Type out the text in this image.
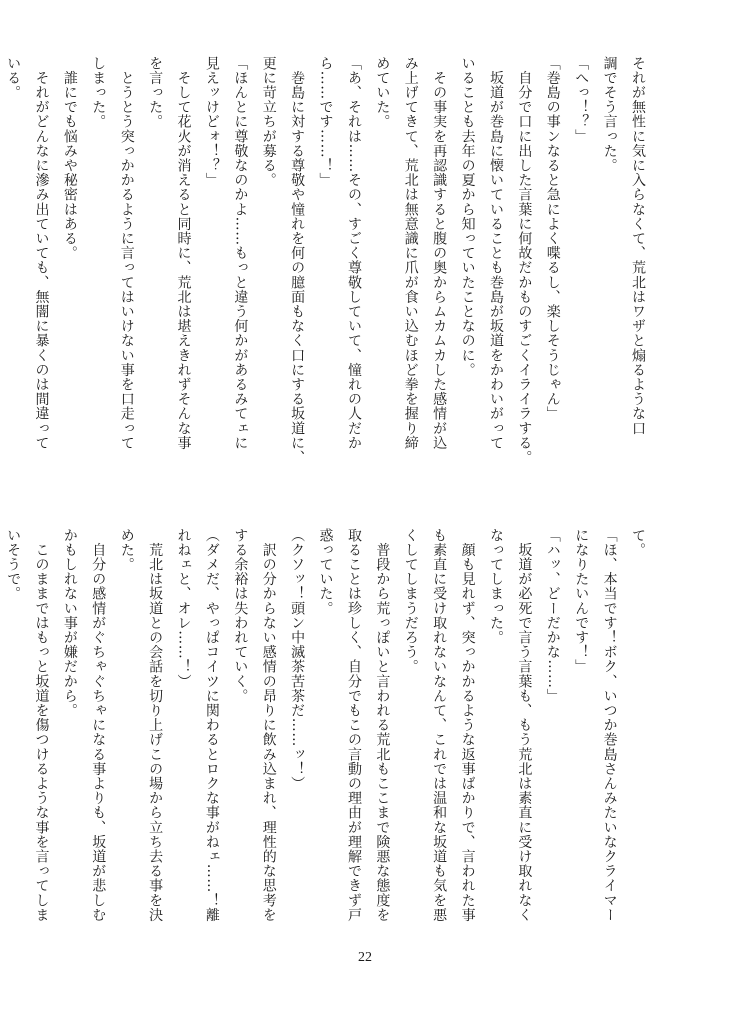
それが無性に気に入らなくて、荒北はワザと煽るような口

調でそう言った。

「へっ！？」

「巻島の事ンなると急によく喋るし、楽しそうじゃん」

　自分で口に出した言葉に何故だかものすごくイライラする。

　坂道が巻島に懐いていることも巻島が坂道をかわいがって

いることも去年の夏から知っていたことなのに。

　その事実を再認識すると腹の奥からムカムカした感情が込

み上げてきて、荒北は無意識に爪が食い込むほど拳を握り締

めていた。

「あ、それは……その、すごく尊敬していて、憧れの人だか

ら……です……！」

　巻島に対する尊敬や憧れを何の臆面もなく口にする坂道に、

更に苛立ちが募る。

「ほんとに尊敬なのかよ……もっと違う何かがあるみてェに

見えッけどォ！？」

　そして花火が消えると同時に、荒北は堪えきれずそんな事

を言った。

　とうとう突っかかるように言ってはいけない事を口走って

しまった。

　誰にでも悩みや秘密はある。

　それがどんなに滲み出ていても、無闇に暴くのは間違って

いる。

て。

「ほ、本当です！ボク、いつか巻島さんみたいなクライマー

になりたいんです！」

「ハッ、どーだかな……」

　坂道が必死で言う言葉も、もう荒北は素直に受け取れなく

なってしまった。

　顔も見れず、突っかかるような返事ばかりで、言われた事

も素直に受け取れないなんて、これでは温和な坂道も気を悪

くしてしまうだろう。

　普段から荒っぽいと言われる荒北もここまで険悪な態度を

取ることは珍しく、自分でもこの言動の理由が理解できず戸

惑っていた。

（クソッ！頭ン中滅茶苦茶だ……ッ！）

　訳の分からない感情の昂りに飲み込まれ、理性的な思考を

する余裕は失われていく。

（ダメだ、やっぱコイツに関わるとロクな事がねェ……！離

れねェと、オレ……！）

　荒北は坂道との会話を切り上げこの場から立ち去る事を決

めた。

　自分の感情がぐちゃぐちゃになる事よりも、坂道が悲しむ

かもしれない事が嫌だから。

　このままではもっと坂道を傷つけるような事を言ってしま

いそうで。

22
